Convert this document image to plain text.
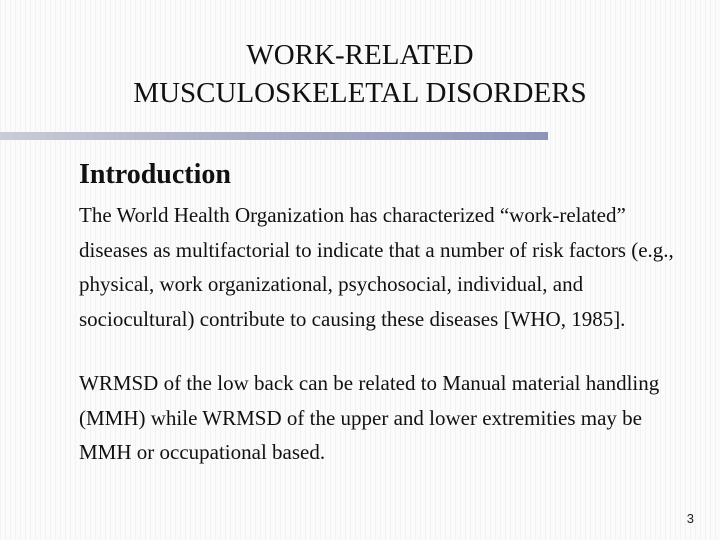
WORK-RELATED
MUSCULOSKELETAL DISORDERS
Introduction

The World Health Organization has characterized “work-related” diseases as multifactorial to indicate that a number of risk factors (e.g., physical, work organizational, psychosocial, individual, and sociocultural) contribute to causing these diseases [WHO, 1985].

WRMSD of the low back can be related to Manual material handling (MMH) while WRMSD of the upper and lower extremities may be MMH or occupational based.

3
